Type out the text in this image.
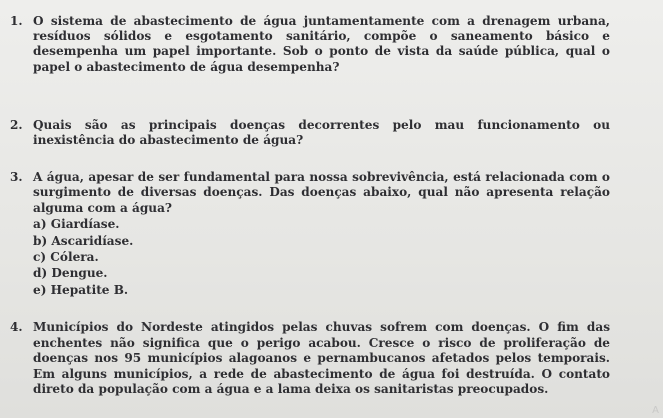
1. O sistema de abastecimento de água juntamentamente com a drenagem urbana, resíduos sólidos e esgotamento sanitário, compõe o saneamento básico e desempenha um papel importante. Sob o ponto de vista da saúde pública, qual o papel o abastecimento de água desempenha?
2. Quais são as principais doenças decorrentes pelo mau funcionamento ou inexistência do abastecimento de água?
3. A água, apesar de ser fundamental para nossa sobrevivência, está relacionada com o surgimento de diversas doenças. Das doenças abaixo, qual não apresenta relação alguma com a água?
a) Giardíase.
b) Ascaridíase.
c) Cólera.
d) Dengue.
e) Hepatite B.
4. Municípios do Nordeste atingidos pelas chuvas sofrem com doenças. O fim das enchentes não significa que o perigo acabou. Cresce o risco de proliferação de doenças nos 95 municípios alagoanos e pernambucanos afetados pelos temporais. Em alguns municípios, a rede de abastecimento de água foi destruída. O contato direto da população com a água e a lama deixa os sanitaristas preocupados.
A
